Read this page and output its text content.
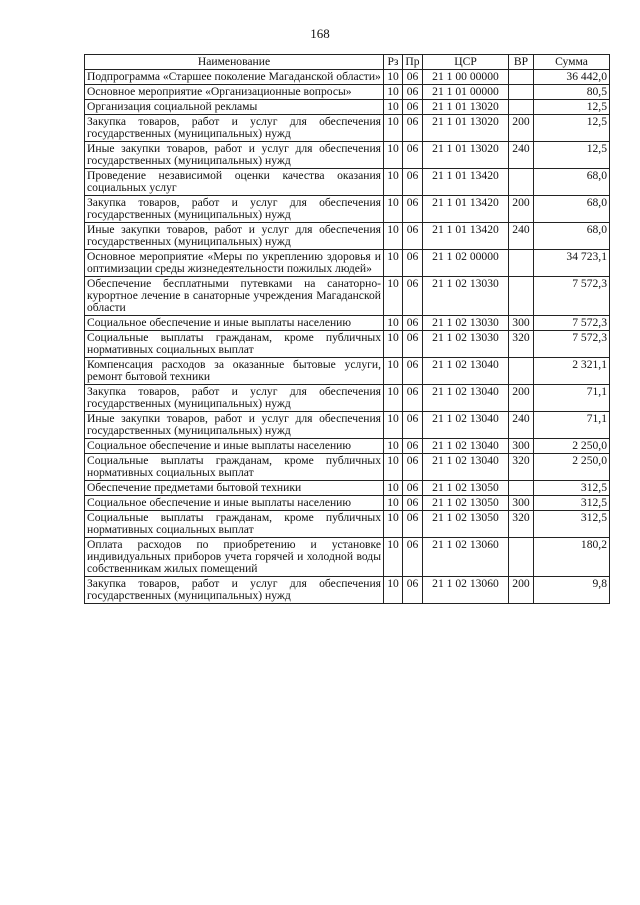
168
Наименование	Рз	Пр	ЦСР	ВР	Сумма
Подпрограмма «Старшее поколение Магаданской области»	10	06	21 1 00 00000		36 442,0
Основное мероприятие «Организационные вопросы»	10	06	21 1 01 00000		80,5
Организация социальной рекламы	10	06	21 1 01 13020		12,5
Закупка товаров, работ и услуг для обеспечения государственных (муниципальных) нужд	10	06	21 1 01 13020	200	12,5
Иные закупки товаров, работ и услуг для обеспечения государственных (муниципальных) нужд	10	06	21 1 01 13020	240	12,5
Проведение независимой оценки качества оказания социальных услуг	10	06	21 1 01 13420		68,0
Закупка товаров, работ и услуг для обеспечения государственных (муниципальных) нужд	10	06	21 1 01 13420	200	68,0
Иные закупки товаров, работ и услуг для обеспечения государственных (муниципальных) нужд	10	06	21 1 01 13420	240	68,0
Основное мероприятие «Меры по укреплению здоровья и оптимизации среды жизнедеятельности пожилых людей»	10	06	21 1 02 00000		34 723,1
Обеспечение бесплатными путевками на санаторно-курортное лечение в санаторные учреждения Магаданской области	10	06	21 1 02 13030		7 572,3
Социальное обеспечение и иные выплаты населению	10	06	21 1 02 13030	300	7 572,3
Социальные выплаты гражданам, кроме публичных нормативных социальных выплат	10	06	21 1 02 13030	320	7 572,3
Компенсация расходов за оказанные бытовые услуги, ремонт бытовой техники	10	06	21 1 02 13040		2 321,1
Закупка товаров, работ и услуг для обеспечения государственных (муниципальных) нужд	10	06	21 1 02 13040	200	71,1
Иные закупки товаров, работ и услуг для обеспечения государственных (муниципальных) нужд	10	06	21 1 02 13040	240	71,1
Социальное обеспечение и иные выплаты населению	10	06	21 1 02 13040	300	2 250,0
Социальные выплаты гражданам, кроме публичных нормативных социальных выплат	10	06	21 1 02 13040	320	2 250,0
Обеспечение предметами бытовой техники	10	06	21 1 02 13050		312,5
Социальное обеспечение и иные выплаты населению	10	06	21 1 02 13050	300	312,5
Социальные выплаты гражданам, кроме публичных нормативных социальных выплат	10	06	21 1 02 13050	320	312,5
Оплата расходов по приобретению и установке индивидуальных приборов учета горячей и холодной воды собственникам жилых помещений	10	06	21 1 02 13060		180,2
Закупка товаров, работ и услуг для обеспечения государственных (муниципальных) нужд	10	06	21 1 02 13060	200	9,8
